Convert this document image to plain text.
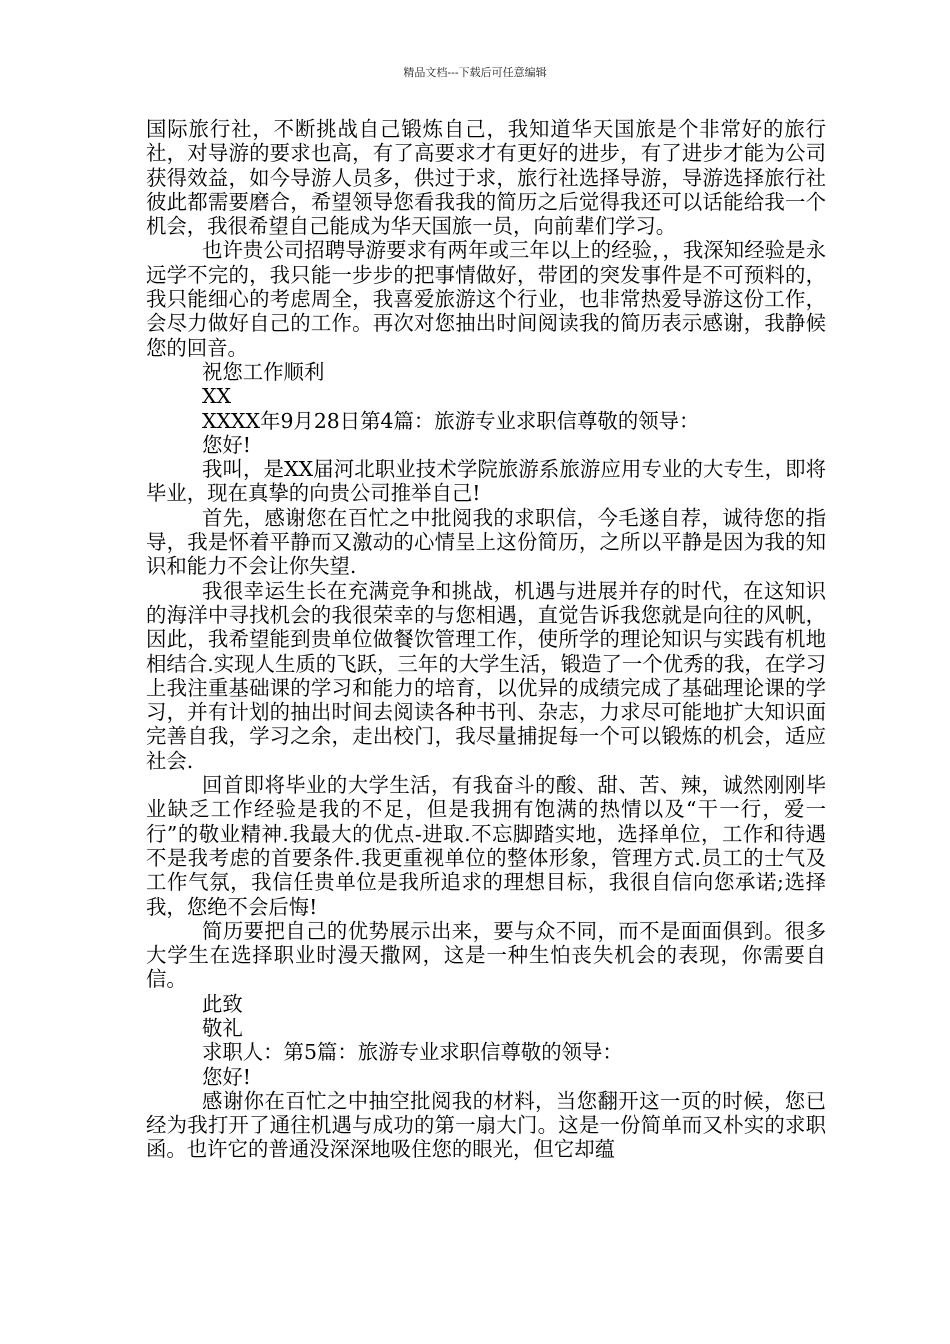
精品文档---下载后可任意编辑

国际旅行社，不断挑战自己锻炼自己，我知道华天国旅是个非常好的旅行社，对导游的要求也高，有了高要求才有更好的进步，有了进步才能为公司获得效益，如今导游人员多，供过于求，旅行社选择导游，导游选择旅行社彼此都需要磨合，希望领导您看我我的简历之后觉得我还可以话能给我一个机会，我很希望自己能成为华天国旅一员，向前辈们学习。

也许贵公司招聘导游要求有两年或三年以上的经验，，我深知经验是永远学不完的，我只能一步步的把事情做好，带团的突发事件是不可预料的，我只能细心的考虑周全，我喜爱旅游这个行业，也非常热爱导游这份工作，会尽力做好自己的工作。再次对您抽出时间阅读我的简历表示感谢，我静候您的回音。

祝您工作顺利

XX

XXXX年9月28日第4篇：旅游专业求职信尊敬的领导：

您好!

我叫，是XX届河北职业技术学院旅游系旅游应用专业的大专生，即将毕业，现在真挚的向贵公司推举自己!

首先，感谢您在百忙之中批阅我的求职信，今毛遂自荐，诚待您的指导，我是怀着平静而又激动的心情呈上这份简历，之所以平静是因为我的知识和能力不会让你失望.

我很幸运生长在充满竞争和挑战，机遇与进展并存的时代，在这知识的海洋中寻找机会的我很荣幸的与您相遇，直觉告诉我您就是向往的风帆，因此，我希望能到贵单位做餐饮管理工作，使所学的理论知识与实践有机地相结合.实现人生质的飞跃，三年的大学生活，锻造了一个优秀的我，在学习上我注重基础课的学习和能力的培育，以优异的成绩完成了基础理论课的学习，并有计划的抽出时间去阅读各种书刊、杂志，力求尽可能地扩大知识面完善自我，学习之余，走出校门，我尽量捕捉每一个可以锻炼的机会，适应社会.

回首即将毕业的大学生活，有我奋斗的酸、甜、苦、辣，诚然刚刚毕业缺乏工作经验是我的不足，但是我拥有饱满的热情以及“干一行，爱一行”的敬业精神.我最大的优点-进取.不忘脚踏实地，选择单位，工作和待遇不是我考虑的首要条件.我更重视单位的整体形象，管理方式.员工的士气及工作气氛，我信任贵单位是我所追求的理想目标，我很自信向您承诺;选择我，您绝不会后悔!

简历要把自己的优势展示出来，要与众不同，而不是面面俱到。很多大学生在选择职业时漫天撒网，这是一种生怕丧失机会的表现，你需要自信。

此致

敬礼

求职人：第5篇：旅游专业求职信尊敬的领导：

您好!

感谢你在百忙之中抽空批阅我的材料，当您翻开这一页的时候，您已经为我打开了通往机遇与成功的第一扇大门。这是一份简单而又朴实的求职函。也许它的普通没深深地吸住您的眼光，但它却蕴
